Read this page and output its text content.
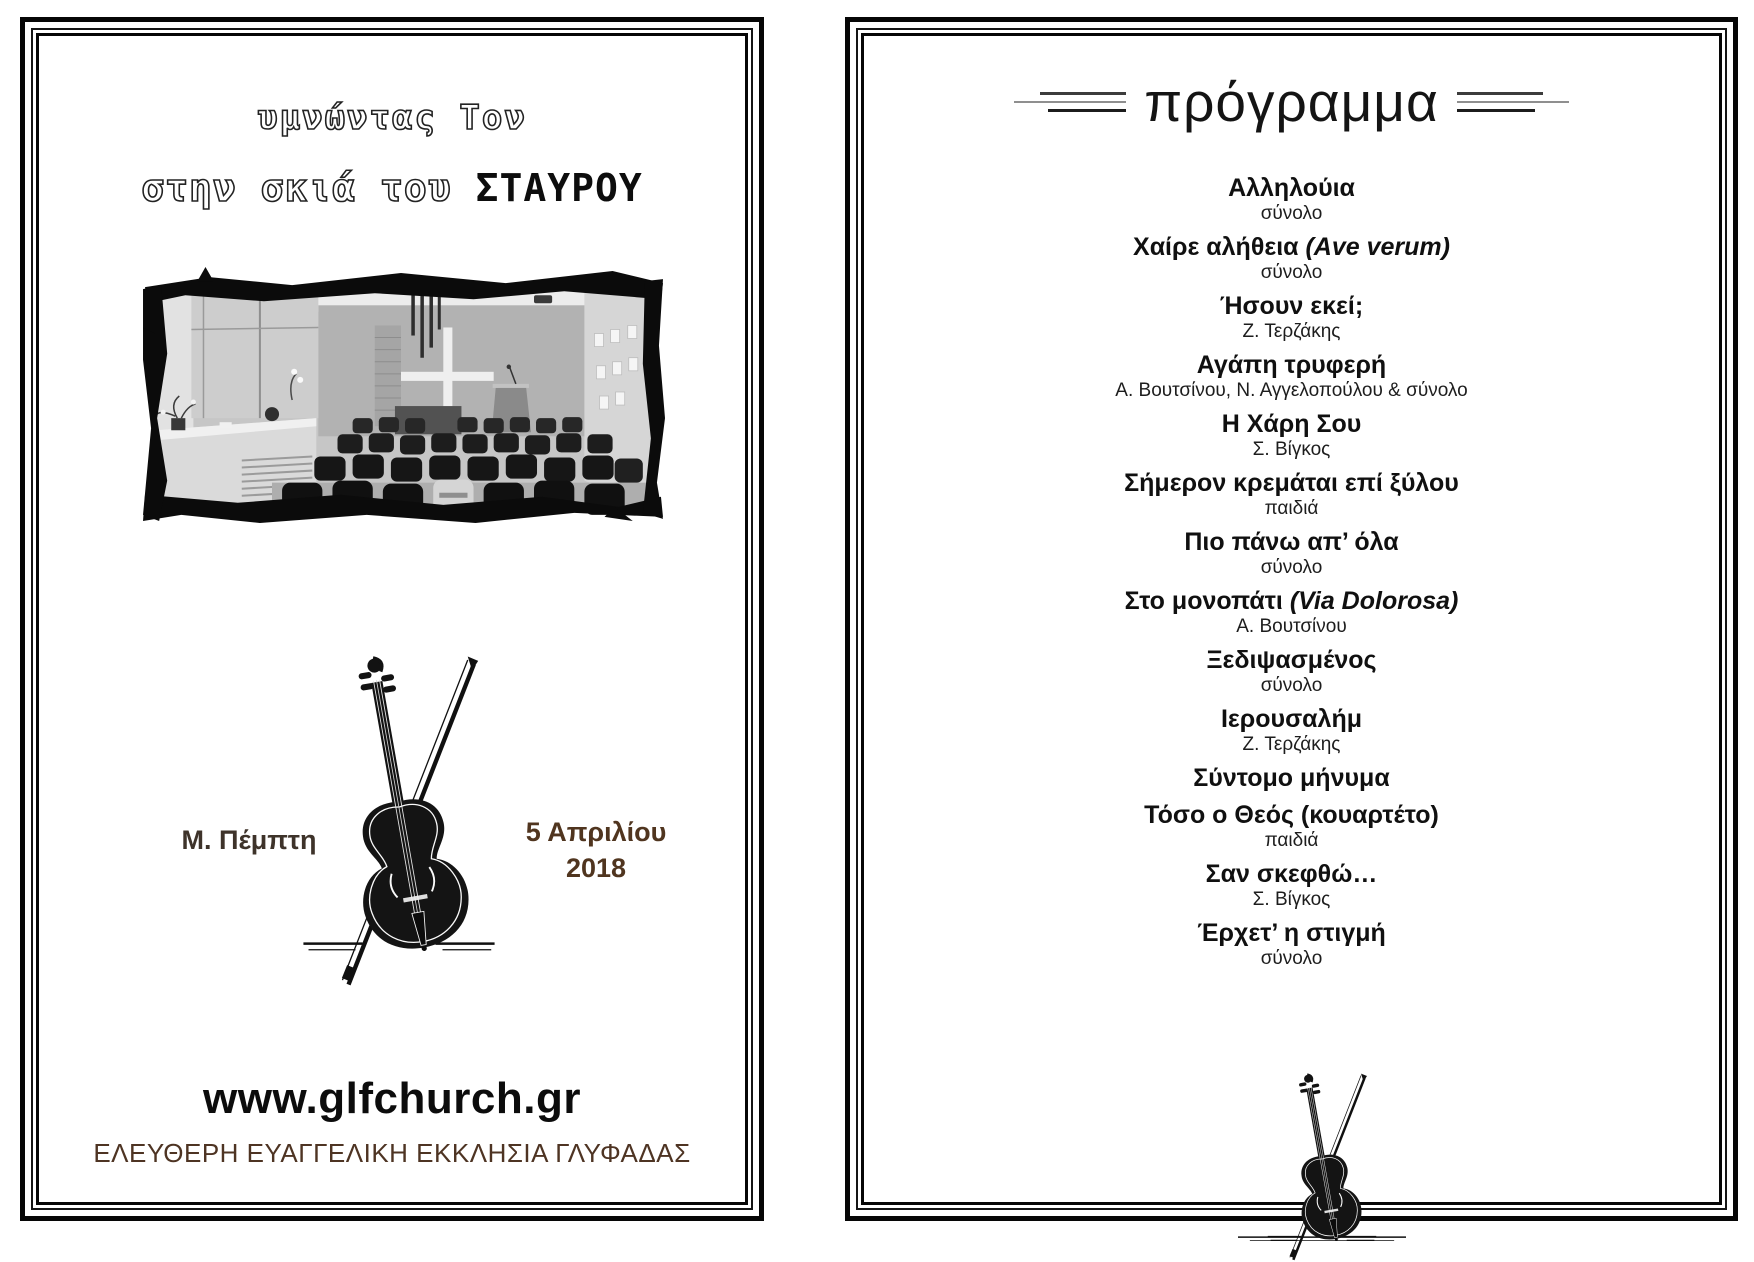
υμνώντας Τον
στην σκιά του ΣΤΑΥΡΟΥ
Μ. Πέμπτη	5 Απριλίου
2018
www.glfchurch.gr
ΕΛΕΥΘΕΡΗ ΕΥΑΓΓΕΛΙΚΗ ΕΚΚΛΗΣΙΑ ΓΛΥΦΑΔΑΣ
πρόγραμμα
Αλληλούια
σύνολο
Χαίρε αλήθεια (Ave verum)
σύνολο
Ήσουν εκεί;
Ζ. Τερζάκης
Αγάπη τρυφερή
Α. Βουτσίνου, Ν. Αγγελοπούλου & σύνολο
Η Χάρη Σου
Σ. Βίγκος
Σήμερον κρεμάται επί ξύλου
παιδιά
Πιο πάνω απ’ όλα
σύνολο
Στο μονοπάτι (Via Dolorosa)
Α. Βουτσίνου
Ξεδιψασμένος
σύνολο
Ιερουσαλήμ
Ζ. Τερζάκης
Σύντομο μήνυμα
Τόσο ο Θεός (κουαρτέτο)
παιδιά
Σαν σκεφθώ…
Σ. Βίγκος
Έρχετ’ η στιγμή
σύνολο
